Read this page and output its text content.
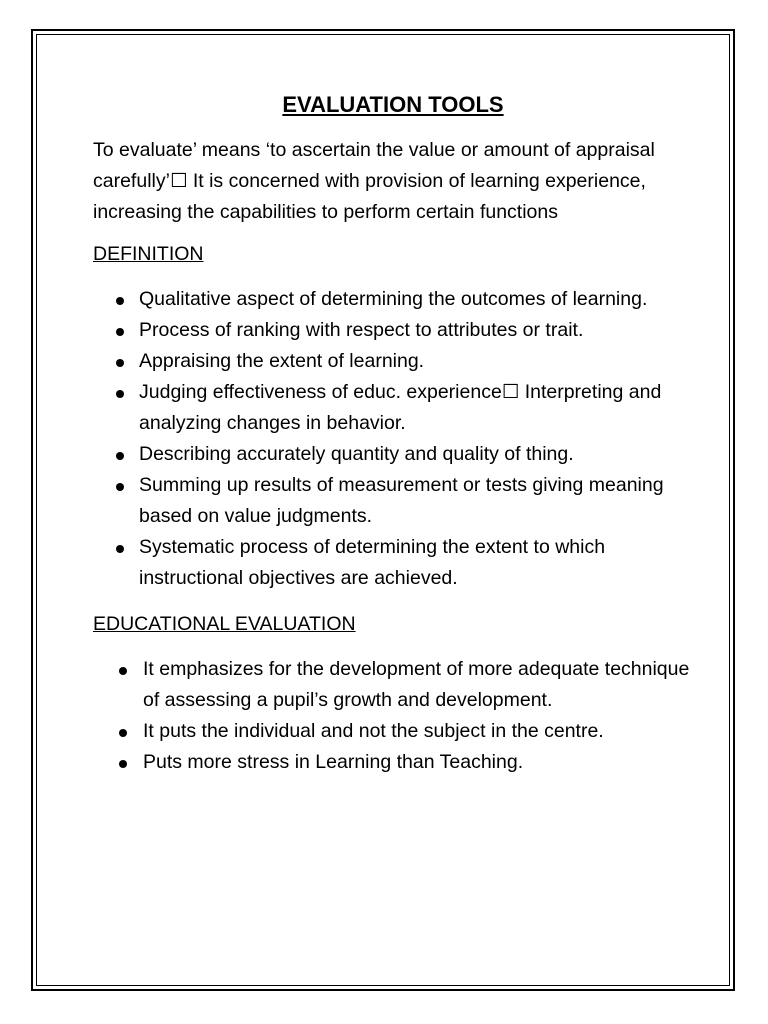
EVALUATION TOOLS

To evaluate’ means ‘to ascertain the value or amount of appraisal carefully’☐ It is concerned with provision of learning experience, increasing the capabilities to perform certain functions

DEFINITION
Qualitative aspect of determining the outcomes of learning.
Process of ranking with respect to attributes or trait.
Appraising the extent of learning.
Judging effectiveness of educ. experience☐ Interpreting and analyzing changes in behavior.
Describing accurately quantity and quality of thing.
Summing up results of measurement or tests giving meaning based on value judgments.
Systematic process of determining the extent to which instructional objectives are achieved.
EDUCATIONAL EVALUATION
It emphasizes for the development of more adequate technique of assessing a pupil’s growth and development.
It puts the individual and not the subject in the centre.
Puts more stress in Learning than Teaching.
